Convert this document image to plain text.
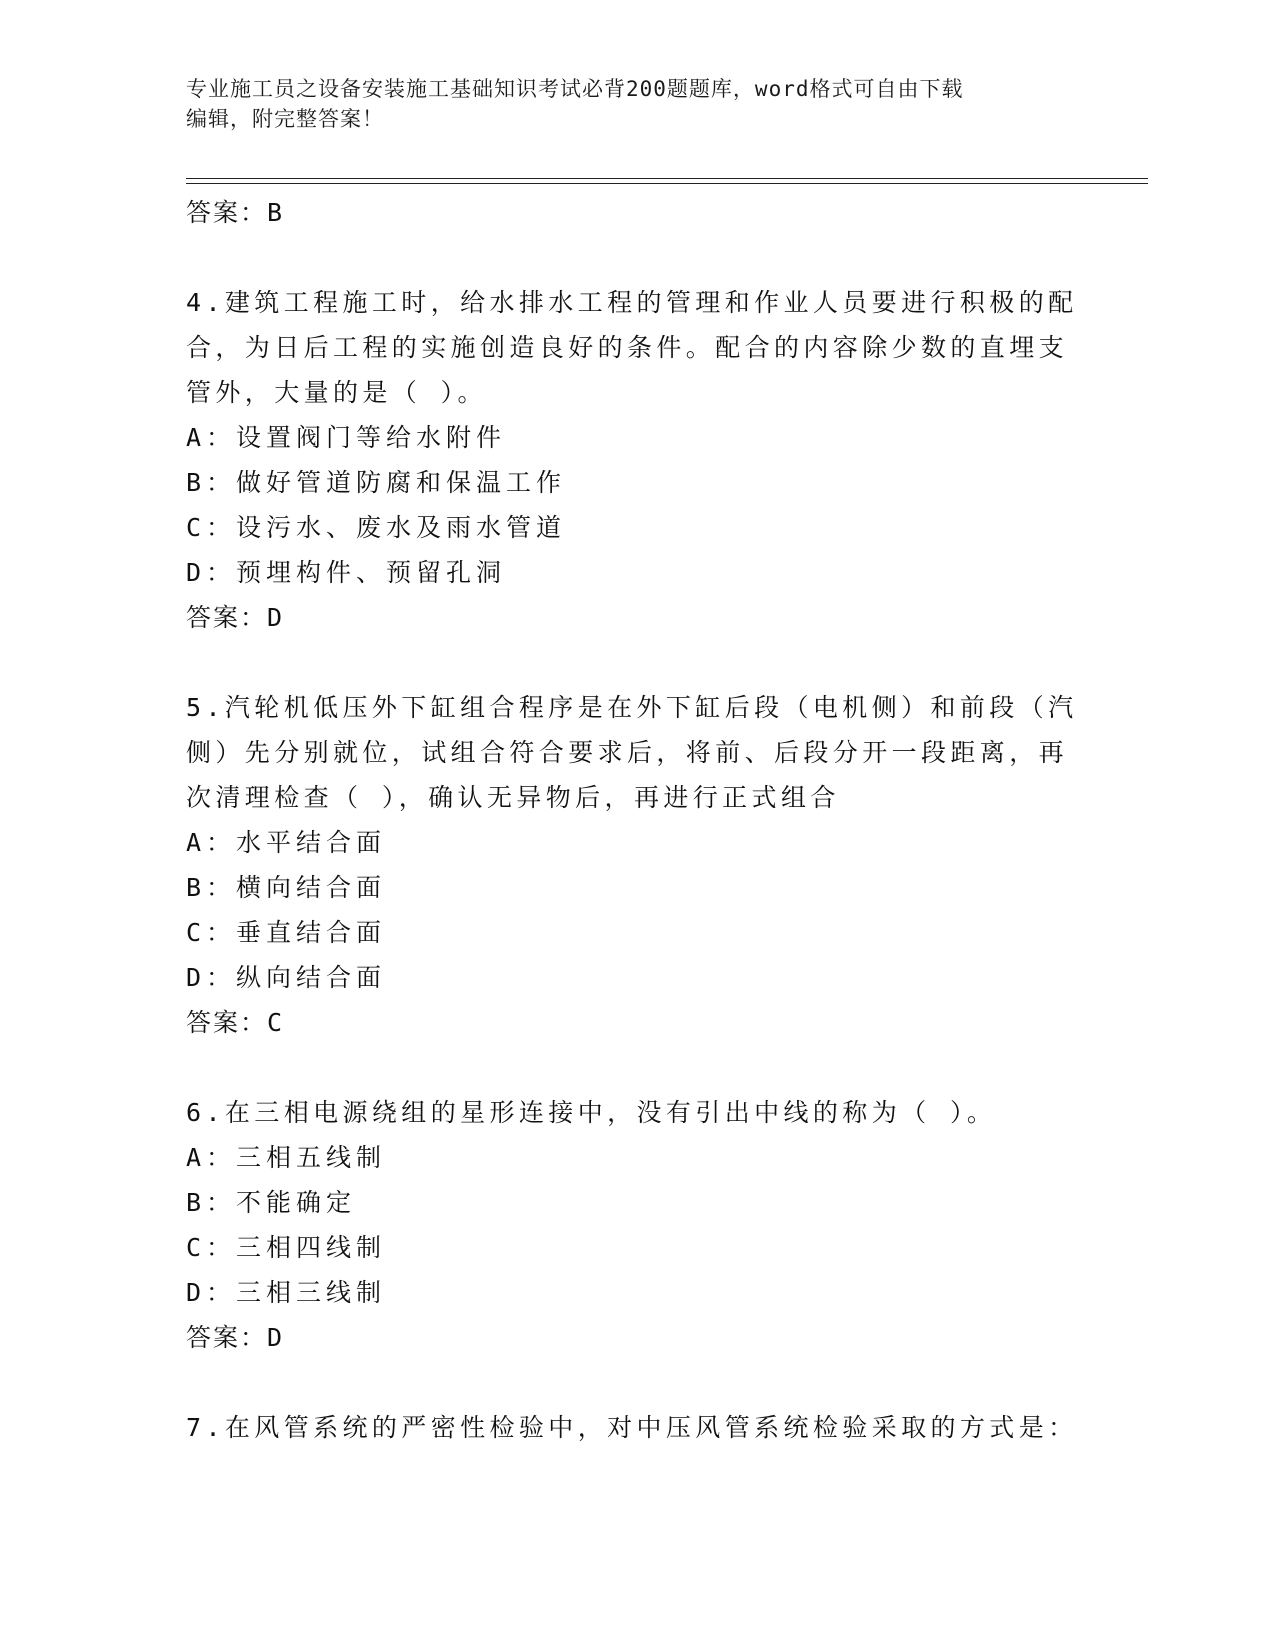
专业施工员之设备安装施工基础知识考试必背200题题库，word格式可自由下载
编辑，附完整答案！
答案：B
4.建筑工程施工时，给水排水工程的管理和作业人员要进行积极的配
合，为日后工程的实施创造良好的条件。配合的内容除少数的直埋支
管外，大量的是（ ）。
A：设置阀门等给水附件
B：做好管道防腐和保温工作
C：设污水、废水及雨水管道
D：预埋构件、预留孔洞
答案：D
5.汽轮机低压外下缸组合程序是在外下缸后段（电机侧）和前段（汽
侧）先分别就位，试组合符合要求后，将前、后段分开一段距离，再
次清理检查（ ），确认无异物后，再进行正式组合
A：水平结合面
B：横向结合面
C：垂直结合面
D：纵向结合面
答案：C
6.在三相电源绕组的星形连接中，没有引出中线的称为（ ）。
A：三相五线制
B：不能确定
C：三相四线制
D：三相三线制
答案：D
7.在风管系统的严密性检验中，对中压风管系统检验采取的方式是：
